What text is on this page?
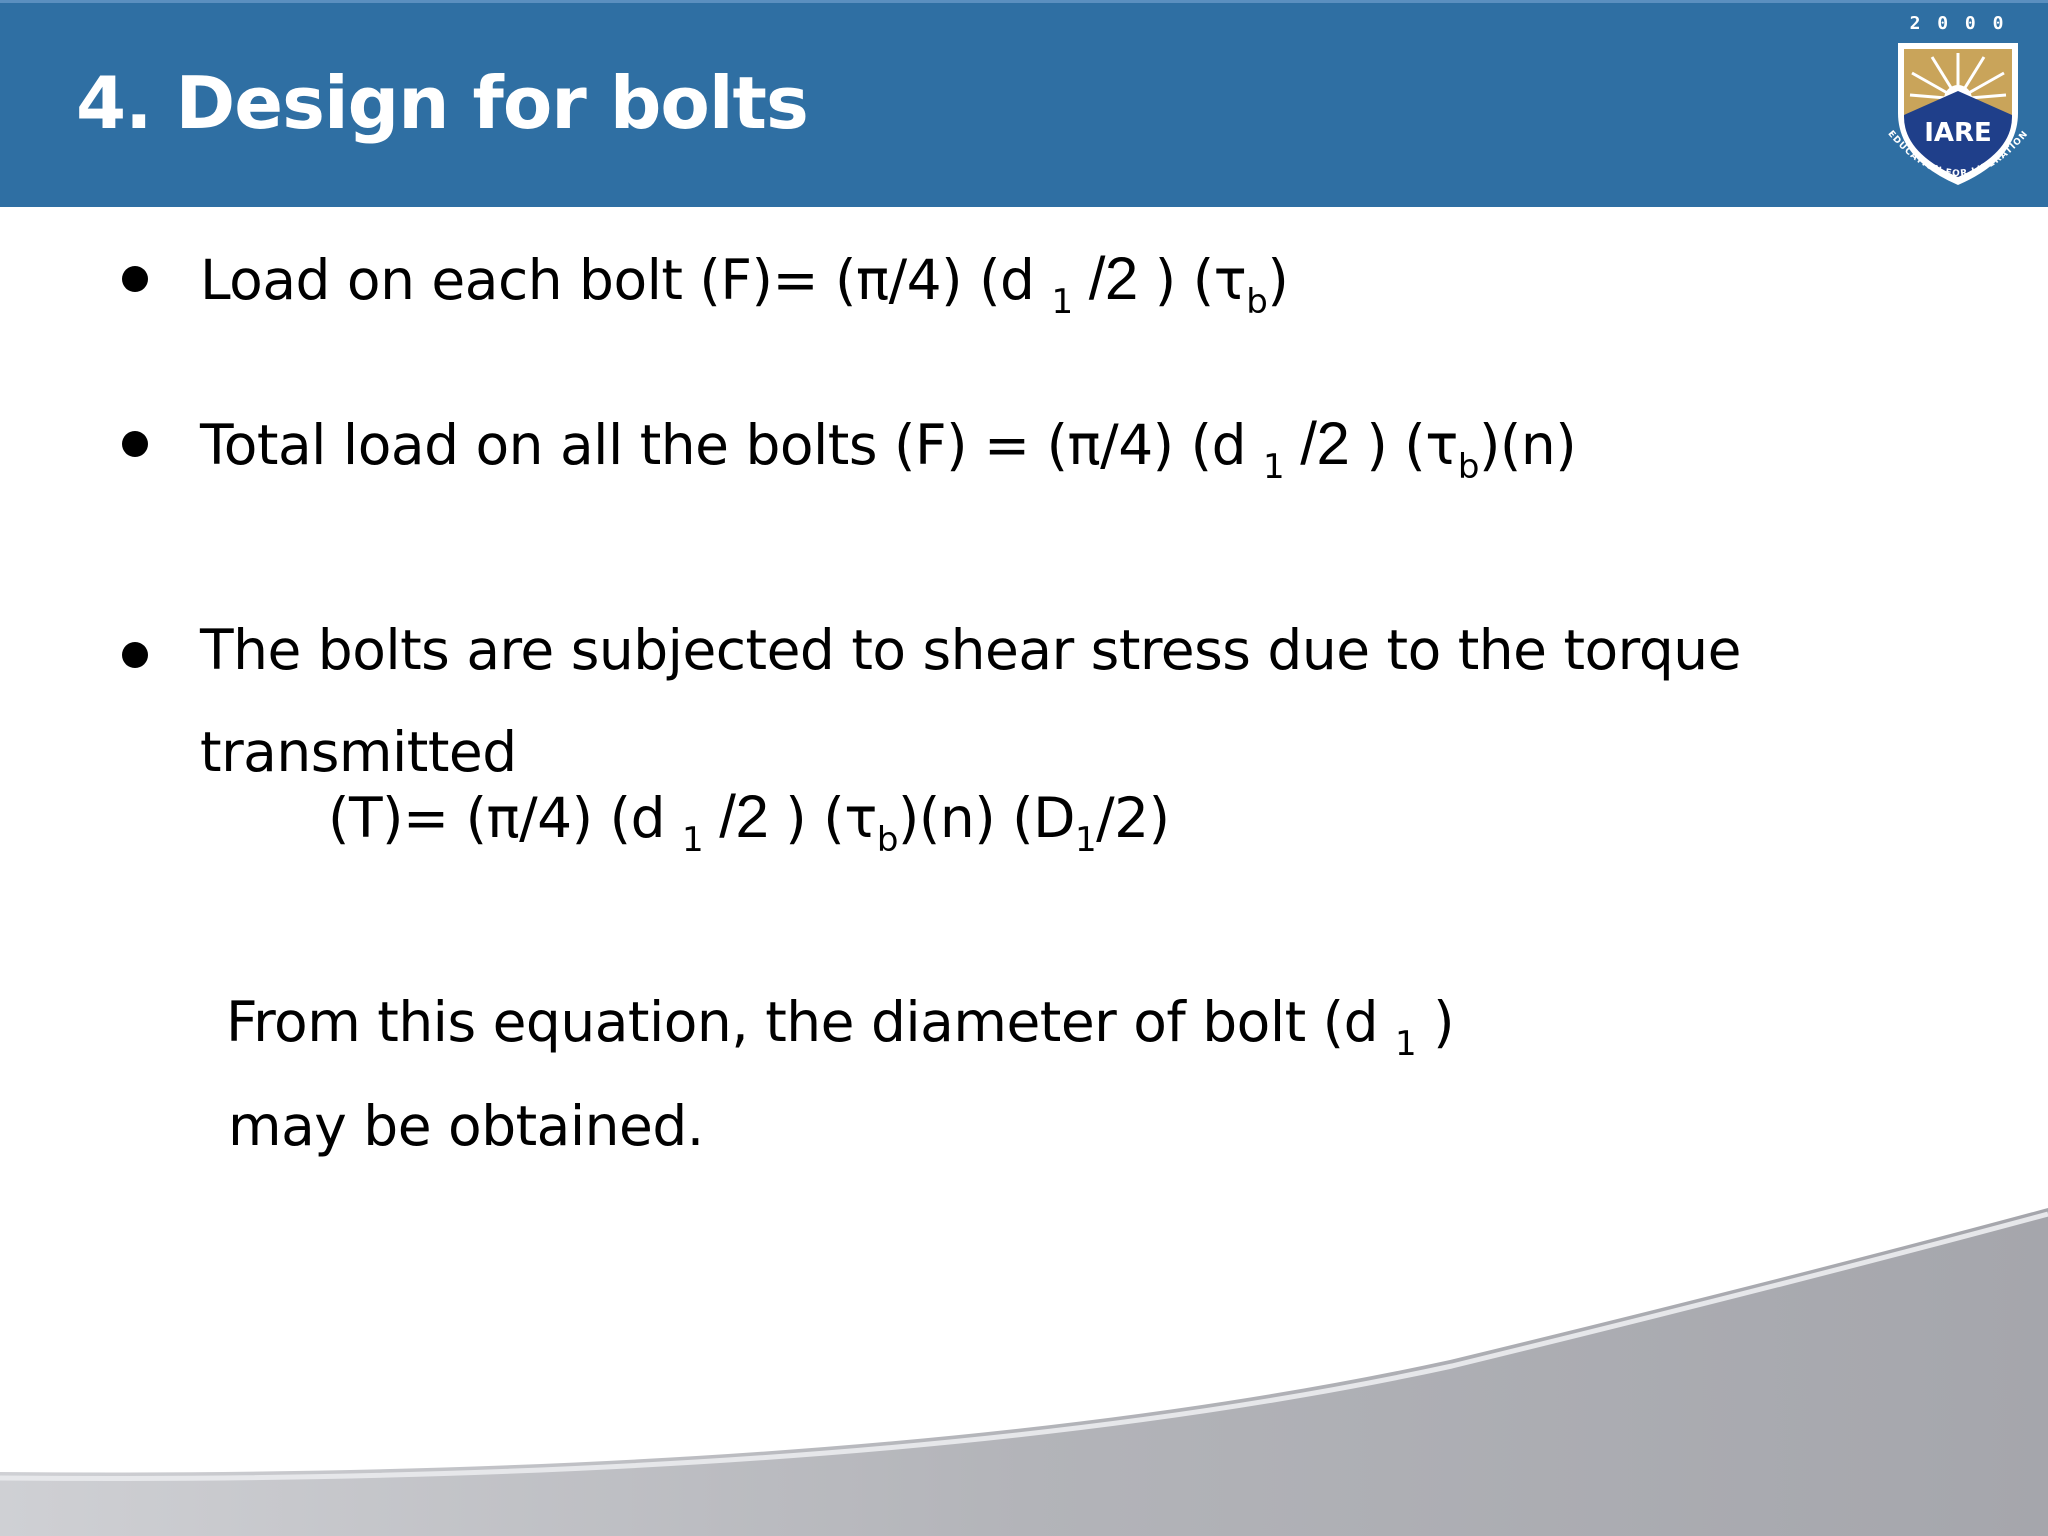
4. Design for bolts
2 0 0 0
IARE
EDUCATION FOR LIBERATION
Load on each bolt (F)= (π/4) (d $_1$ /2 ) $(\tau_b)$
Total load on all the bolts (F) = (π/4) (d $_1$ /2 ) $(\tau_b)(n)$
The bolts are subjected to shear stress due to the torque
transmitted
(T)= (π/4) (d $_1$ /2 ) $(\tau_b)(n)$ $(D_1/2)$
From this equation, the diameter of bolt (d $_1$ )
may be obtained.
